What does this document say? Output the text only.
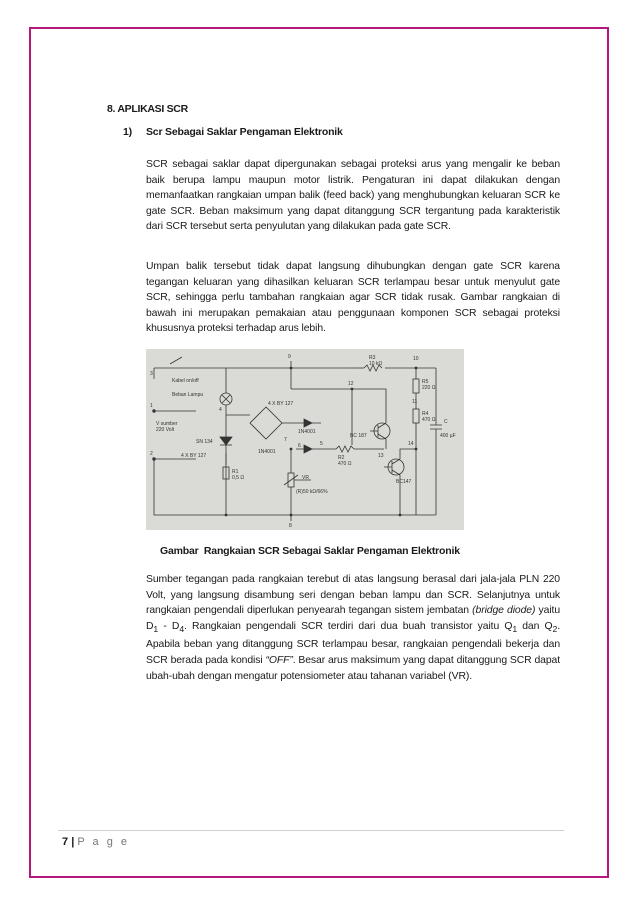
8. APLIKASI SCR
1) Scr Sebagai Saklar Pengaman Elektronik

SCR sebagai saklar dapat dipergunakan sebagai proteksi arus yang mengalir ke beban baik berupa lampu maupun motor listrik. Pengaturan ini dapat dilakukan dengan memanfaatkan rangkaian umpan balik (feed back) yang menghubungkan keluaran SCR ke gate SCR. Beban maksimum yang dapat ditanggung SCR tergantung pada karakteristik dari SCR tersebut serta penyulutan yang dilakukan pada gate SCR.

Umpan balik tersebut tidak dapat langsung dihubungkan dengan gate SCR karena tegangan keluaran yang dihasilkan keluaran SCR terlampau besar untuk menyulut gate SCR, sehingga perlu tambahan rangkaian agar SCR tidak rusak. Gambar rangkaian di bawah ini merupakan pemakaian atau penggunaan komponen SCR sebagai proteksi khususnya proteksi terhadap arus lebih.

Kabel on/off
Beban Lampu
V sumber
220 Volt
4 X BY 127
4 X BY 127
SN 134
1N4001
1N4001
R1
0,5 Ω
R2
470 Ω
R3
10 kΩ
R4
470 Ω
R5
220 Ω
VR
(R)50 kΩ/66%
BC 187
BC147
C
400 µF
1
2
3
4
5
6
7
8
9	10
11
12
13
14
Gambar Rangkaian SCR Sebagai Saklar Pengaman Elektronik

Sumber tegangan pada rangkaian terebut di atas langsung berasal dari jala-jala PLN 220 Volt, yang langsung disambung seri dengan beban lampu dan SCR. Selanjutnya untuk rangkaian pengendali diperlukan penyearah tegangan sistem jembatan (bridge diode) yaitu $D_1 - D_4$. Rangkaian pengendali SCR terdiri dari dua buah transistor yaitu $Q_1$ dan $Q_2$. Apabila beban yang ditanggung SCR terlampau besar, rangkaian pengendali bekerja dan SCR berada pada kondisi “OFF”. Besar arus maksimum yang dapat ditanggung SCR dapat ubah-ubah dengan mengatur potensiometer atau tahanan variabel (VR).

7 | P a g e
